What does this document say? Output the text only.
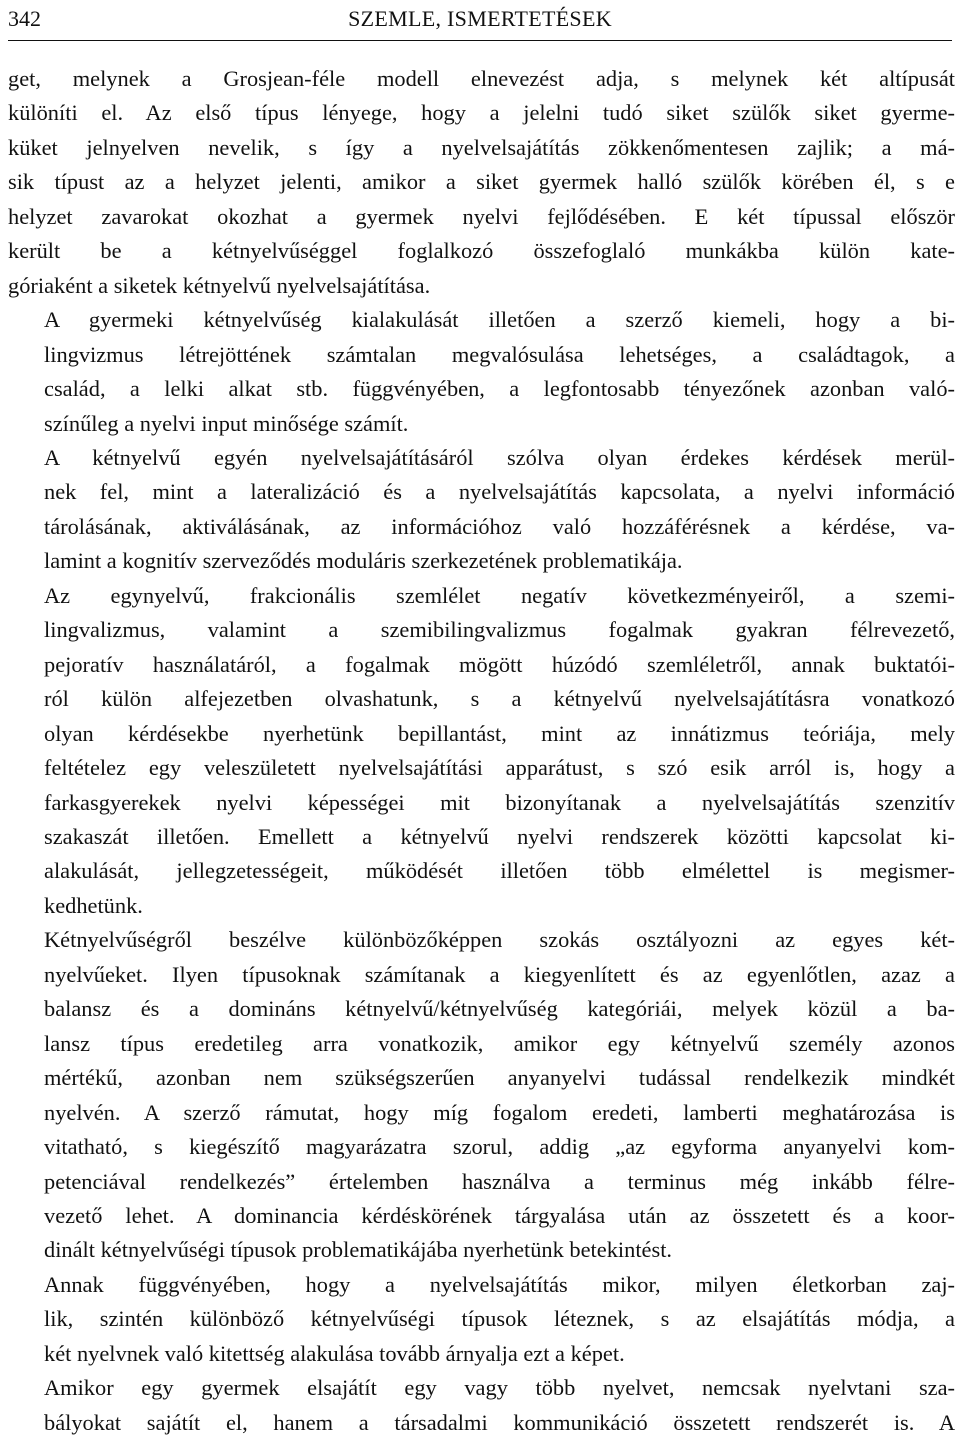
342	SZEMLE, ISMERTETÉSEK
get, melynek a Grosjean-féle modell elnevezést adja, s melynek két altípusát
különíti el. Az első típus lényege, hogy a jelelni tudó siket szülők siket gyerme-
küket jelnyelven nevelik, s így a nyelvelsajátítás zökkenőmentesen zajlik; a má-
sik típust az a helyzet jelenti, amikor a siket gyermek halló szülők körében él, s e
helyzet zavarokat okozhat a gyermek nyelvi fejlődésében. E két típussal először
került be a kétnyelvűséggel foglalkozó összefoglaló munkákba külön kate-
góriaként a siketek kétnyelvű nyelvelsajátítása.
A gyermeki kétnyelvűség kialakulását illetően a szerző kiemeli, hogy a bi-
lingvizmus létrejöttének számtalan megvalósulása lehetséges, a családtagok, a
család, a lelki alkat stb. függvényében, a legfontosabb tényezőnek azonban való-
színűleg a nyelvi input minősége számít.
A kétnyelvű egyén nyelvelsajátításáról szólva olyan érdekes kérdések merül-
nek fel, mint a lateralizáció és a nyelvelsajátítás kapcsolata, a nyelvi információ
tárolásának, aktiválásának, az információhoz való hozzáférésnek a kérdése, va-
lamint a kognitív szerveződés moduláris szerkezetének problematikája.
Az egynyelvű, frakcionális szemlélet negatív következményeiről, a szemi-
lingvalizmus, valamint a szemibilingvalizmus fogalmak gyakran félrevezető,
pejoratív használatáról, a fogalmak mögött húzódó szemléletről, annak buktatói-
ról külön alfejezetben olvashatunk, s a kétnyelvű nyelvelsajátításra vonatkozó
olyan kérdésekbe nyerhetünk bepillantást, mint az innátizmus teóriája, mely
feltételez egy veleszületett nyelvelsajátítási apparátust, s szó esik arról is, hogy a
farkasgyerekek nyelvi képességei mit bizonyítanak a nyelvelsajátítás szenzitív
szakaszát illetően. Emellett a kétnyelvű nyelvi rendszerek közötti kapcsolat ki-
alakulását, jellegzetességeit, működését illetően több elmélettel is megismer-
kedhetünk.
Kétnyelvűségről beszélve különbözőképpen szokás osztályozni az egyes két-
nyelvűeket. Ilyen típusoknak számítanak a kiegyenlített és az egyenlőtlen, azaz a
balansz és a domináns kétnyelvű/kétnyelvűség kategóriái, melyek közül a ba-
lansz típus eredetileg arra vonatkozik, amikor egy kétnyelvű személy azonos
mértékű, azonban nem szükségszerűen anyanyelvi tudással rendelkezik mindkét
nyelvén. A szerző rámutat, hogy míg fogalom eredeti, lamberti meghatározása is
vitatható, s kiegészítő magyarázatra szorul, addig „az egyforma anyanyelvi kom-
petenciával rendelkezés” értelemben használva a terminus még inkább félre-
vezető lehet. A dominancia kérdéskörének tárgyalása után az összetett és a koor-
dinált kétnyelvűségi típusok problematikájába nyerhetünk betekintést.
Annak függvényében, hogy a nyelvelsajátítás mikor, milyen életkorban zaj-
lik, szintén különböző kétnyelvűségi típusok léteznek, s az elsajátítás módja, a
két nyelvnek való kitettség alakulása tovább árnyalja ezt a képet.
Amikor egy gyermek elsajátít egy vagy több nyelvet, nemcsak nyelvtani sza-
bályokat sajátít el, hanem a társadalmi kommunikáció összetett rendszerét is. A
